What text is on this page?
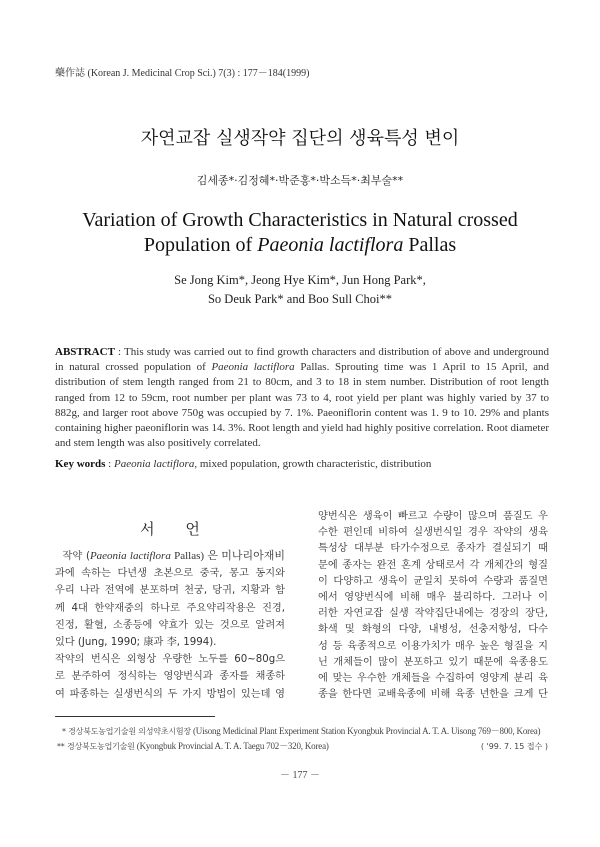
藥作誌 (Korean J. Medicinal Crop Sci.) 7(3) : 177－184(1999)
자연교잡 실생작약 집단의 생육특성 변이
김세종*·김정혜*·박준홍*·박소득*·최부술**
Variation of Growth Characteristics in Natural crossed
Population of Paeonia lactiflora Pallas
Se Jong Kim*, Jeong Hye Kim*, Jun Hong Park*,
So Deuk Park* and Boo Sull Choi**
ABSTRACT : This study was carried out to find growth characters and distribution of above and underground in natural crossed population of Paeonia lactiflora Pallas. Sprouting time was 1 April to 15 April, and distribution of stem length ranged from 21 to 80cm, and 3 to 18 in stem number. Distribution of root length ranged from 12 to 59cm, root number per plant was 73 to 4, root yield per plant was highly varied by 37 to 882g, and larger root above 750g was occupied by 7. 1%. Paeoniflorin content was 1. 9 to 10. 29% and plants containing higher paeoniflorin was 14. 3%. Root length and yield had highly positive correlation. Root diameter and stem length was also positively correlated.
Key words : Paeonia lactiflora, mixed population, growth characteristic, distribution
서 언
작약 (Paeonia lactiflora Pallas) 은 미나리아재비
과에 속하는 다년생 초본으로 중국, 몽고 동지와
우리 나라 전역에 분포하며 천궁, 당귀, 지황과 함
께 4대 한약재중의 하나로 주요약리작용은 진경,
진정, 활혈, 소종등에 약효가 있는 것으로 알려져
있다 (Jung, 1990; 康과 李, 1994).
작약의 번식은 외형상 우량한 노두를 60~80g으
로 분주하여 정식하는 영양번식과 종자를 채종하
여 파종하는 실생번식의 두 가지 방법이 있는데 영
양번식은 생육이 빠르고 수량이 많으며 품질도 우
수한 편인데 비하여 실생번식일 경우 작약의 생육
특성상 대부분 타가수정으로 종자가 결실되기 때
문에 종자는 완전 혼계 상태로서 각 개체간의 형질
이 다양하고 생육이 균일치 못하여 수량과 품질면
에서 영양번식에 비해 매우 불리하다. 그러나 이
러한 자연교잡 실생 작약집단내에는 경장의 장단,
화색 및 화형의 다양, 내병성, 선충저항성, 다수
성 등 육종적으로 이용가치가 매우 높은 형질을 지
닌 개체들이 많이 분포하고 있기 때문에 육종용도
에 맞는 우수한 개체들을 수집하여 영양계 분리 육
종을 한다면 교배육종에 비해 육종 년한을 크게 단
* 경상북도농업기술원 의성약초시험장 (Uisong Medicinal Plant Experiment Station Kyongbuk Provincial A. T. A. Uisong 769－800, Korea)
** 경상북도농업기술원 (Kyongbuk Provincial A. T. A. Taegu 702－320, Korea)	( '99. 7. 15 접수 )
－ 177 －
